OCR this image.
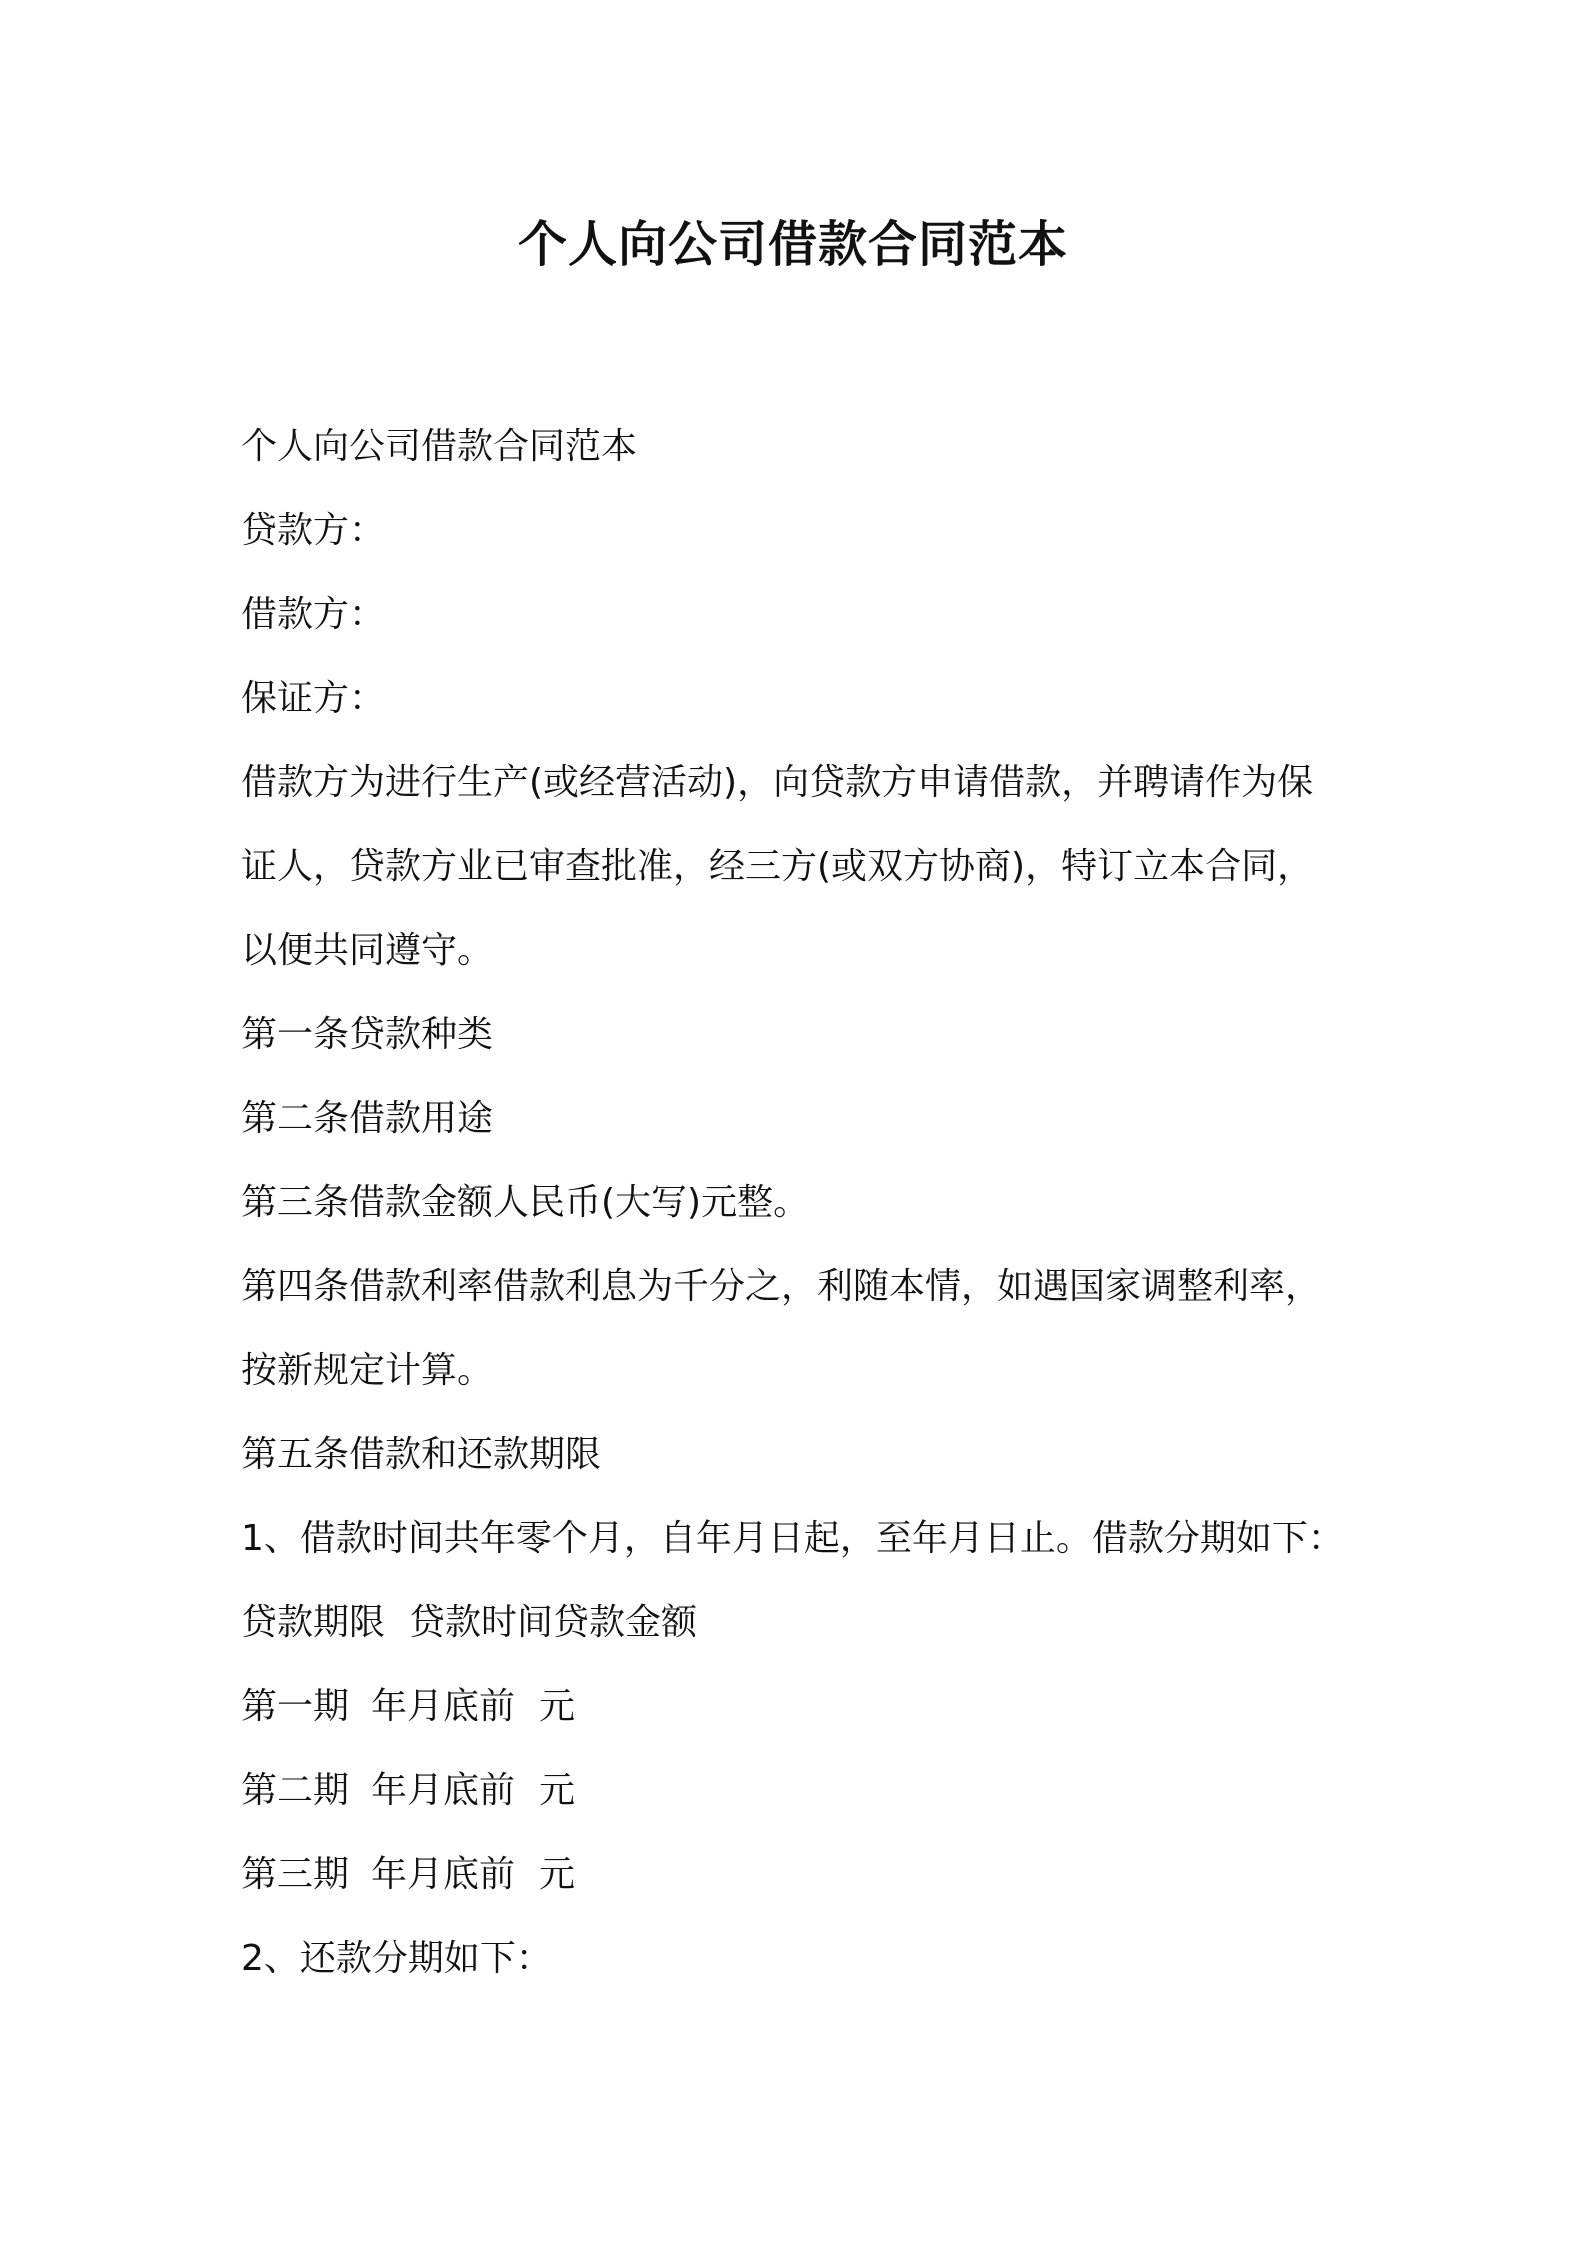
个人向公司借款合同范本

个人向公司借款合同范本

贷款方：

借款方：

保证方：

借款方为进行生产(或经营活动)，向贷款方申请借款，并聘请作为保

证人，贷款方业已审查批准，经三方(或双方协商)，特订立本合同，

以便共同遵守。

第一条贷款种类

第二条借款用途

第三条借款金额人民币(大写)元整。

第四条借款利率借款利息为千分之，利随本情，如遇国家调整利率，

按新规定计算。

第五条借款和还款期限

1、借款时间共年零个月，自年月日起，至年月日止。借款分期如下：

贷款期限 贷款时间贷款金额
第一期 年月底前 元
第二期 年月底前 元
第三期 年月底前 元

2、还款分期如下：
